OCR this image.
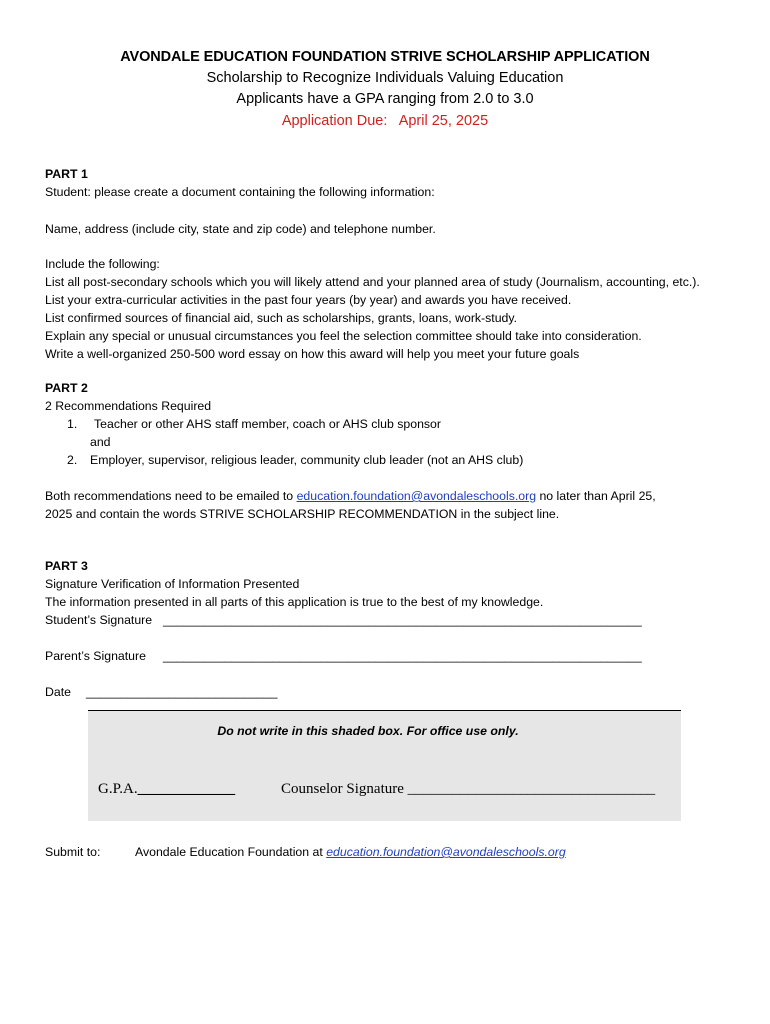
AVONDALE EDUCATION FOUNDATION STRIVE SCHOLARSHIP APPLICATION
Scholarship to Recognize Individuals Valuing Education
Applicants have a GPA ranging from 2.0 to 3.0
Application Due:   April 25, 2025
PART 1
Student: please create a document containing the following information:
Name, address (include city, state and zip code) and telephone number.
Include the following:
List all post-secondary schools which you will likely attend and your planned area of study (Journalism, accounting, etc.).
List your extra-curricular activities in the past four years (by year) and awards you have received.
List confirmed sources of financial aid, such as scholarships, grants, loans, work-study.
Explain any special or unusual circumstances you feel the selection committee should take into consideration.
Write a well-organized 250-500 word essay on how this award will help you meet your future goals
PART 2
2 Recommendations Required
1. Teacher or other AHS staff member, coach or AHS club sponsor
and
2. Employer, supervisor, religious leader, community club leader (not an AHS club)
Both recommendations need to be emailed to education.foundation@avondaleschools.org no later than April 25,
2025 and contain the words STRIVE SCHOLARSHIP RECOMMENDATION in the subject line.
PART 3
Signature Verification of Information Presented
The information presented in all parts of this application is true to the best of my knowledge.
Student’s Signature ______________________________________________________________________
Parent’s Signature ______________________________________________________________________
Date ____________________________
Do not write in this shaded box. For office use only.
G.P.A._____________	Counselor Signature _________________________________
Submit to:	Avondale Education Foundation at education.foundation@avondaleschools.org
